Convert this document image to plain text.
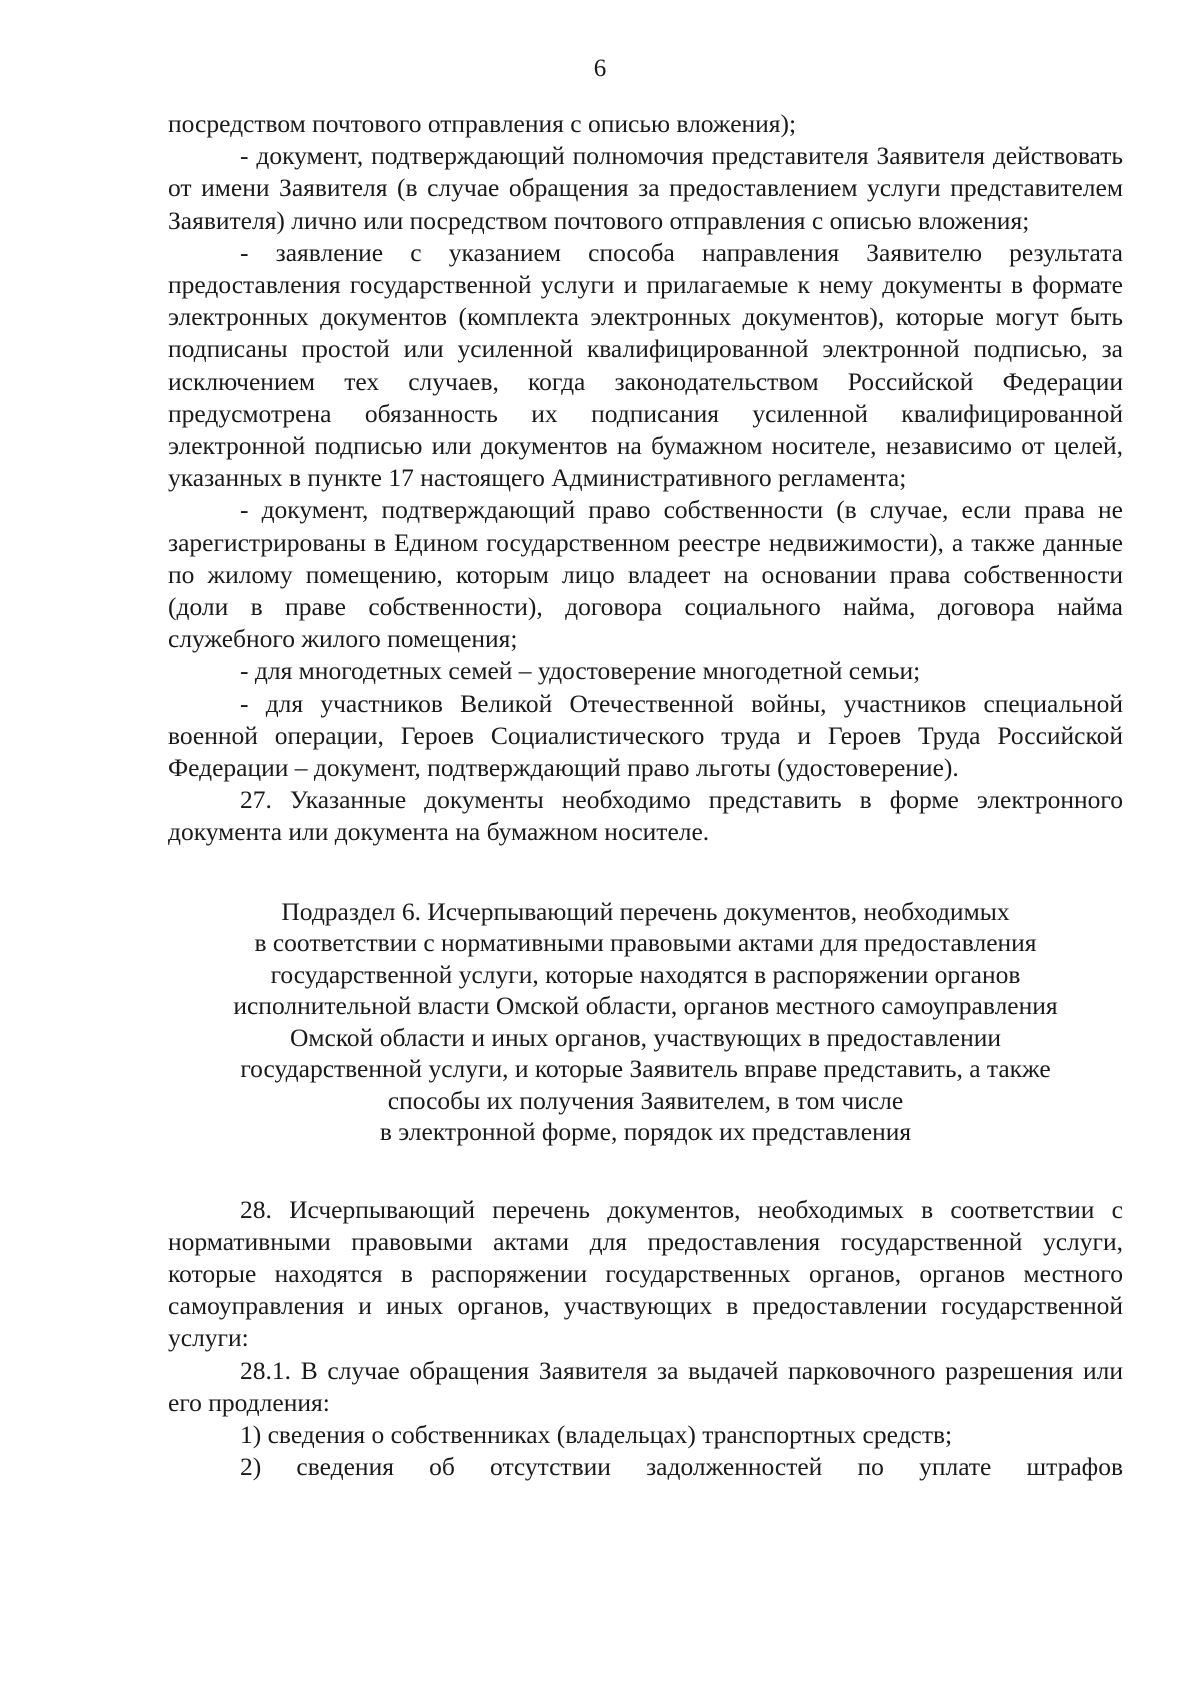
6

посредством почтового отправления с описью вложения);

- документ, подтверждающий полномочия представителя Заявителя действовать от имени Заявителя (в случае обращения за предоставлением услуги представителем Заявителя) лично или посредством почтового отправления с описью вложения;

- заявление с указанием способа направления Заявителю результата предоставления государственной услуги и прилагаемые к нему документы в формате электронных документов (комплекта электронных документов), которые могут быть подписаны простой или усиленной квалифицированной электронной подписью, за исключением тех случаев, когда законодательством Российской Федерации предусмотрена обязанность их подписания усиленной квалифицированной электронной подписью или документов на бумажном носителе, независимо от целей, указанных в пункте 17 настоящего Административного регламента;

- документ, подтверждающий право собственности (в случае, если права не зарегистрированы в Едином государственном реестре недвижимости), а также данные по жилому помещению, которым лицо владеет на основании права собственности (доли в праве собственности), договора социального найма, договора найма служебного жилого помещения;

- для многодетных семей – удостоверение многодетной семьи;

- для участников Великой Отечественной войны, участников специальной военной операции, Героев Социалистического труда и Героев Труда Российской Федерации – документ, подтверждающий право льготы (удостоверение).

27. Указанные документы необходимо представить в форме электронного документа или документа на бумажном носителе.

Подраздел 6. Исчерпывающий перечень документов, необходимых
в соответствии с нормативными правовыми актами для предоставления
государственной услуги, которые находятся в распоряжении органов
исполнительной власти Омской области, органов местного самоуправления
Омской области и иных органов, участвующих в предоставлении
государственной услуги, и которые Заявитель вправе представить, а также
способы их получения Заявителем, в том числе
в электронной форме, порядок их представления

28. Исчерпывающий перечень документов, необходимых в соответствии с нормативными правовыми актами для предоставления государственной услуги, которые находятся в распоряжении государственных органов, органов местного самоуправления и иных органов, участвующих в предоставлении государственной услуги:

28.1. В случае обращения Заявителя за выдачей парковочного разрешения или его продления:

1) сведения о собственниках (владельцах) транспортных средств;

2) сведения об отсутствии задолженностей по уплате штрафов
